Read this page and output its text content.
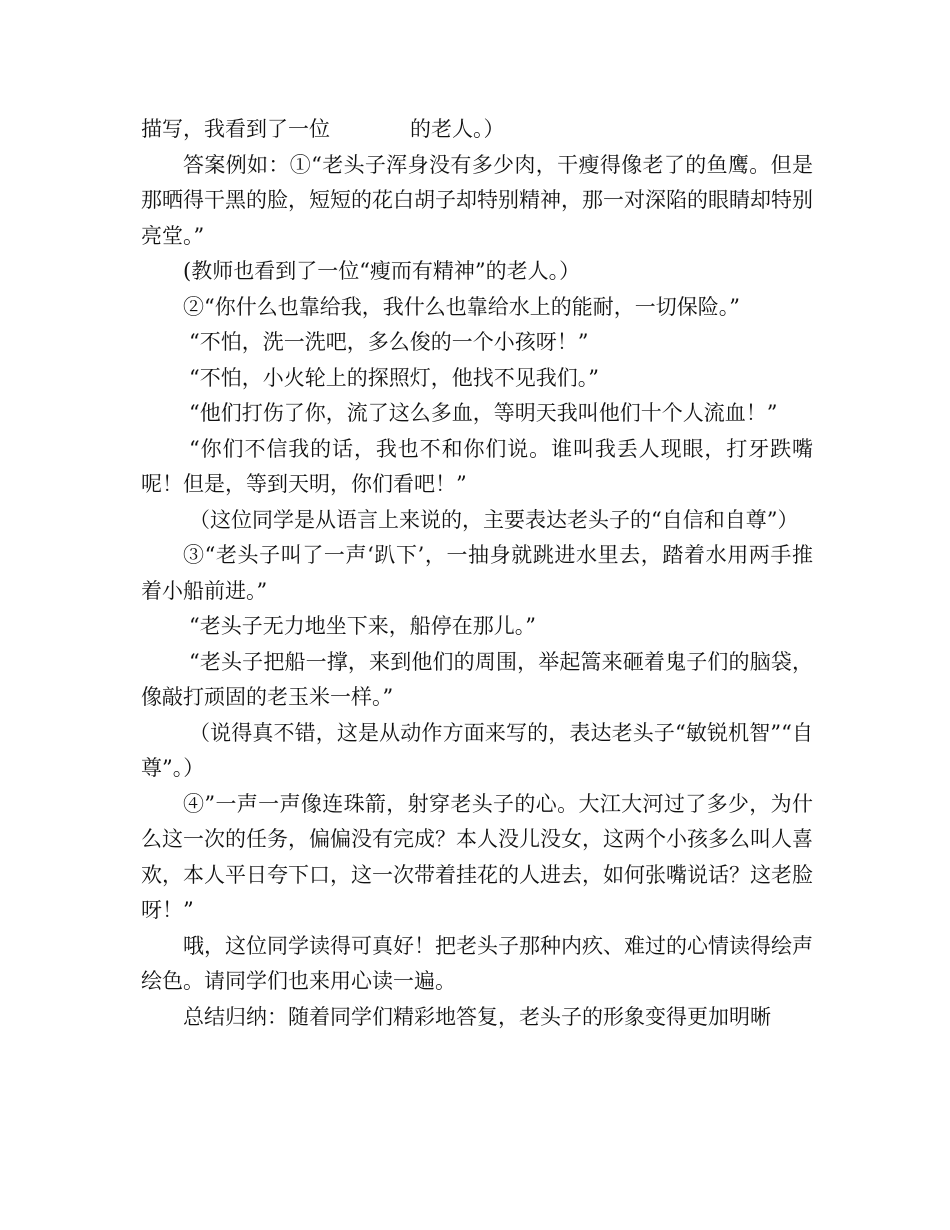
描写，我看到了一位	的老人。）

答案例如：①“老头子浑身没有多少肉，干瘦得像老了的鱼鹰。但是那晒得干黑的脸，短短的花白胡子却特别精神，那一对深陷的眼睛却特别亮堂。”

(教师也看到了一位“瘦而有精神”的老人。）

②“你什么也靠给我，我什么也靠给水上的能耐，一切保险。”

“不怕，洗一洗吧，多么俊的一个小孩呀！”

“不怕，小火轮上的探照灯，他找不见我们。”

“他们打伤了你，流了这么多血，等明天我叫他们十个人流血！”

“你们不信我的话，我也不和你们说。谁叫我丢人现眼，打牙跌嘴呢！但是，等到天明，你们看吧！”

（这位同学是从语言上来说的，主要表达老头子的“自信和自尊”）

③“老头子叫了一声‘趴下’，一抽身就跳进水里去，踏着水用两手推着小船前进。”

“老头子无力地坐下来，船停在那儿。”

“老头子把船一撑，来到他们的周围，举起篙来砸着鬼子们的脑袋，像敲打顽固的老玉米一样。”

（说得真不错，这是从动作方面来写的，表达老头子“敏锐机智”“自尊”。）

④”一声一声像连珠箭，射穿老头子的心。大江大河过了多少，为什么这一次的任务，偏偏没有完成？本人没儿没女，这两个小孩多么叫人喜欢，本人平日夸下口，这一次带着挂花的人进去，如何张嘴说话？这老脸呀！”

哦，这位同学读得可真好！把老头子那种内疚、难过的心情读得绘声绘色。请同学们也来用心读一遍。

总结归纳：随着同学们精彩地答复，老头子的形象变得更加明晰
